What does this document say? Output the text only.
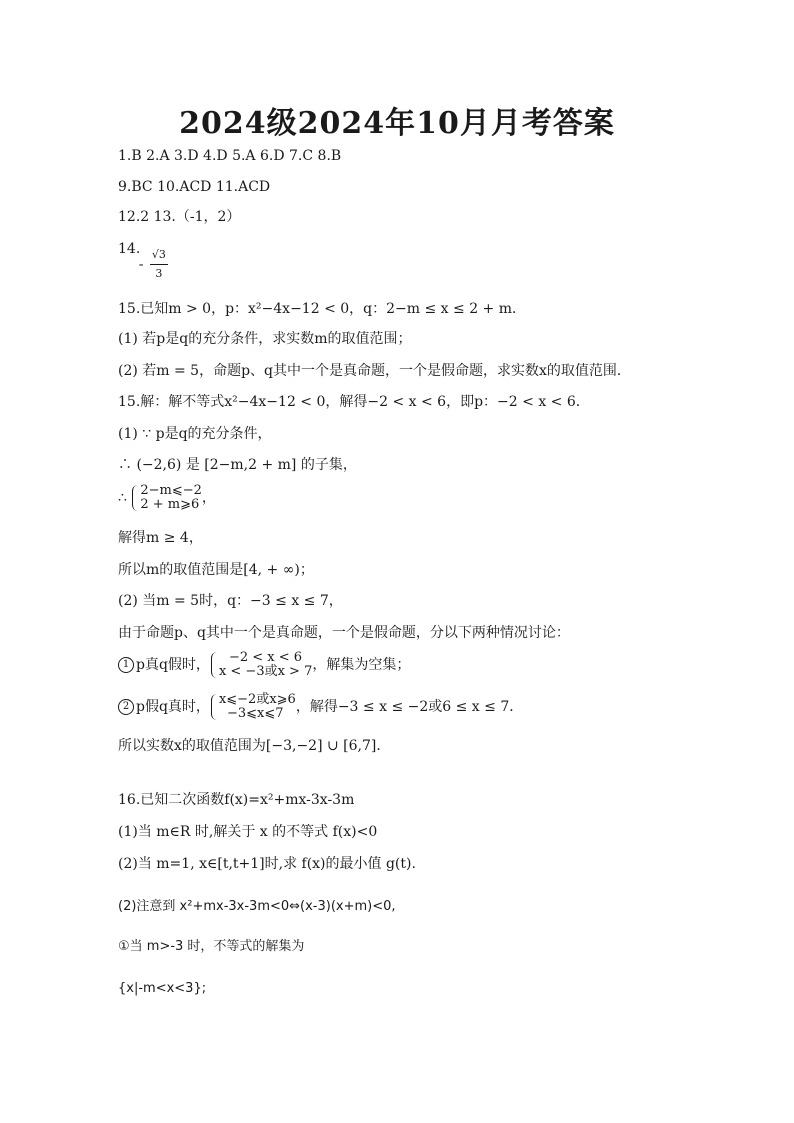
2024级2024年10月月考答案
1.B 2.A 3.D 4.D 5.A 6.D 7.C 8.B
9.BC 10.ACD 11.ACD
12.2 13.（-1，2）
14. - $\frac{√3}{3}$
15.已知m > 0，p：x²−4x−12 < 0，q：2−m ≤ x ≤ 2 + m．
(1) 若p是q的充分条件，求实数m的取值范围；
(2) 若m = 5，命题p、q其中一个是真命题，一个是假命题，求实数x的取值范围．
15.解：解不等式x²−4x−12 < 0，解得−2 < x < 6，即p：−2 < x < 6．
(1) ∵ p是q的充分条件，
∴ (−2,6) 是 [2−m,2 + m] 的子集，
∴ 2−m⩽−2
2 + m⩾6 ，
解得m ≥ 4，
所以m的取值范围是[4, + ∞)；
(2) 当m = 5时，q：−3 ≤ x ≤ 7，
由于命题p、q其中一个是真命题，一个是假命题，分以下两种情况讨论：
1 p真q假时，	−2 < x < 6
x < −3或x > 7 ，解集为空集；
2 p假q真时， x⩽−2或x⩾6
−3⩽x⩽7 ，解得−3 ≤ x ≤ −2或6 ≤ x ≤ 7．
所以实数x的取值范围为[−3,−2] ∪ [6,7]．
16.已知二次函数f(x)=x²+mx-3x-3m
(1)当 m∈R 时,解关于 x 的不等式 f(x)<0
(2)当 m=1, x∈[t,t+1]时,求 f(x)的最小值 g(t).
(2)注意到 x²+mx-3x-3m<0⇔(x-3)(x+m)<0,
①当 m>-3 时，不等式的解集为
{x|-m<x<3};
